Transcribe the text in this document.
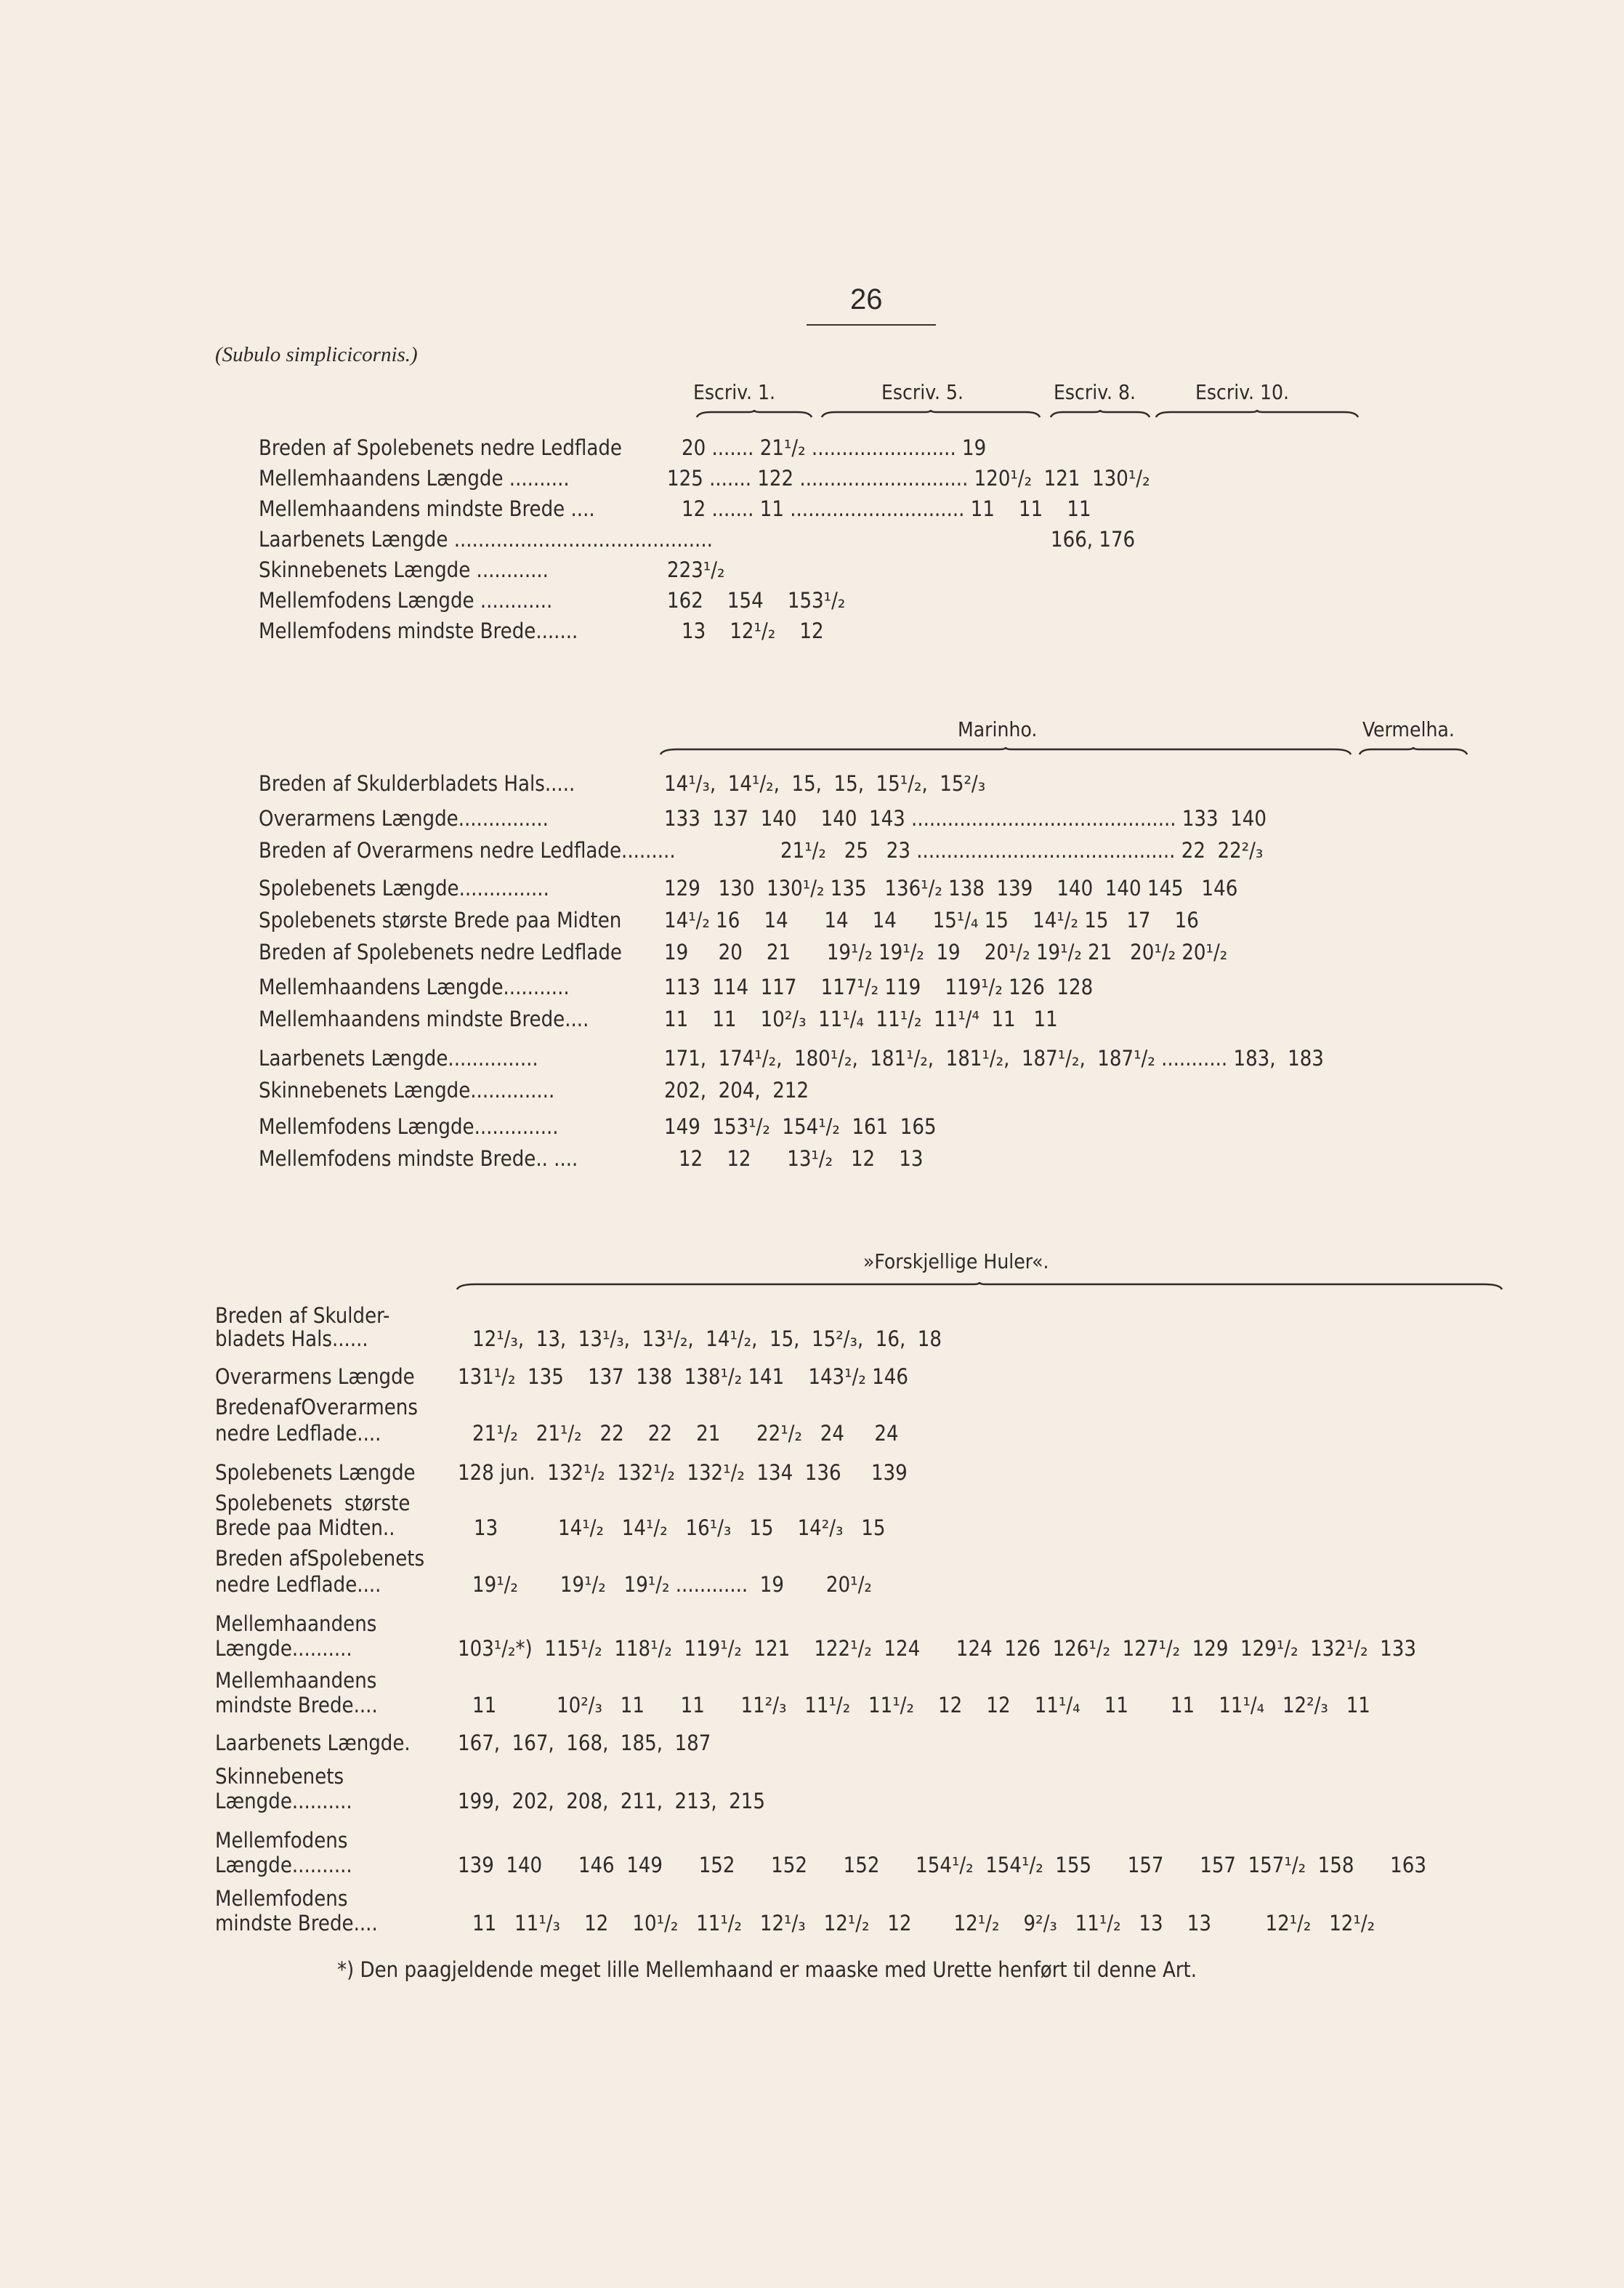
26
(Subulo simplicicornis.)
Escriv. 1.	Escriv. 5.	Escriv. 8.	Escriv. 10.
Breden af Spolebenets nedre Ledflade	20 ....... 21¹/₂ ........................ 19
Mellemhaandens Længde ..........	125 ....... 122 ............................ 120¹/₂  121  130¹/₂
Mellemhaandens mindste Brede ....	12 ....... 11 ............................. 11    11    11
Laarbenets Længde ...........................................	166, 176
Skinnebenets Længde ............	223¹/₂
Mellemfodens Længde ............	162    154    153¹/₂
Mellemfodens mindste Brede.......	13    12¹/₂    12
Marinho.	Vermelha.
Breden af Skulderbladets Hals.....	14¹/₃,  14¹/₂,  15,  15,  15¹/₂,  15²/₃
Overarmens Længde...............	133  137  140    140  143 ............................................ 133  140
Breden af Overarmens nedre Ledflade.........	21¹/₂   25   23 ........................................... 22  22²/₃
Spolebenets Længde...............	129   130  130¹/₂ 135   136¹/₂ 138  139    140  140 145   146
Spolebenets største Brede paa Midten 14¹/₂ 16    14      14    14      15¹/₄ 15    14¹/₂ 15   17    16
Breden af Spolebenets nedre Ledflade 19     20    21      19¹/₂ 19¹/₂  19    20¹/₂ 19¹/₂ 21   20¹/₂ 20¹/₂
Mellemhaandens Længde...........	113  114  117    117¹/₂ 119    119¹/₂ 126  128
Mellemhaandens mindste Brede....	11    11    10²/₃  11¹/₄  11¹/₂  11¹/⁴  11   11
Laarbenets Længde...............	171,  174¹/₂,  180¹/₂,  181¹/₂,  181¹/₂,  187¹/₂,  187¹/₂ ........... 183,  183
Skinnebenets Længde..............	202,  204,  212
Mellemfodens Længde..............	149  153¹/₂  154¹/₂  161  165
Mellemfodens mindste Brede.. ....	12    12      13¹/₂   12    13
»Forskjellige Huler«.
Breden af Skulder-
bladets Hals......	12¹/₃,  13,  13¹/₃,  13¹/₂,  14¹/₂,  15,  15²/₃,  16,  18
Overarmens Længde 131¹/₂  135    137  138  138¹/₂ 141    143¹/₂ 146
BredenafOverarmens
nedre Ledflade....	21¹/₂   21¹/₂   22    22    21      22¹/₂   24     24
Spolebenets Længde 128 jun.  132¹/₂  132¹/₂  132¹/₂  134  136     139
Spolebenets  største
Brede paa Midten..	13          14¹/₂   14¹/₂   16¹/₃   15    14²/₃   15
Breden afSpolebenets
nedre Ledflade....	19¹/₂       19¹/₂   19¹/₂ ............  19       20¹/₂
Mellemhaandens
Længde..........	103¹/₂*)  115¹/₂  118¹/₂  119¹/₂  121    122¹/₂  124      124  126  126¹/₂  127¹/₂  129  129¹/₂  132¹/₂  133
Mellemhaandens
mindste Brede....	11          10²/₃   11      11      11²/₃   11¹/₂   11¹/₂    12    12    11¹/₄    11       11    11¹/₄   12²/₃   11
Laarbenets Længde. 167,  167,  168,  185,  187
Skinnebenets
Længde..........	199,  202,  208,  211,  213,  215
Mellemfodens
Længde..........	139  140      146  149      152      152      152      154¹/₂  154¹/₂  155      157      157  157¹/₂  158      163
Mellemfodens
mindste Brede....	11   11¹/₃    12    10¹/₂   11¹/₂   12¹/₃   12¹/₂   12       12¹/₂    9²/₃   11¹/₂   13    13         12¹/₂   12¹/₂
*) Den paagjeldende meget lille Mellemhaand er maaske med Urette henført til denne Art.
